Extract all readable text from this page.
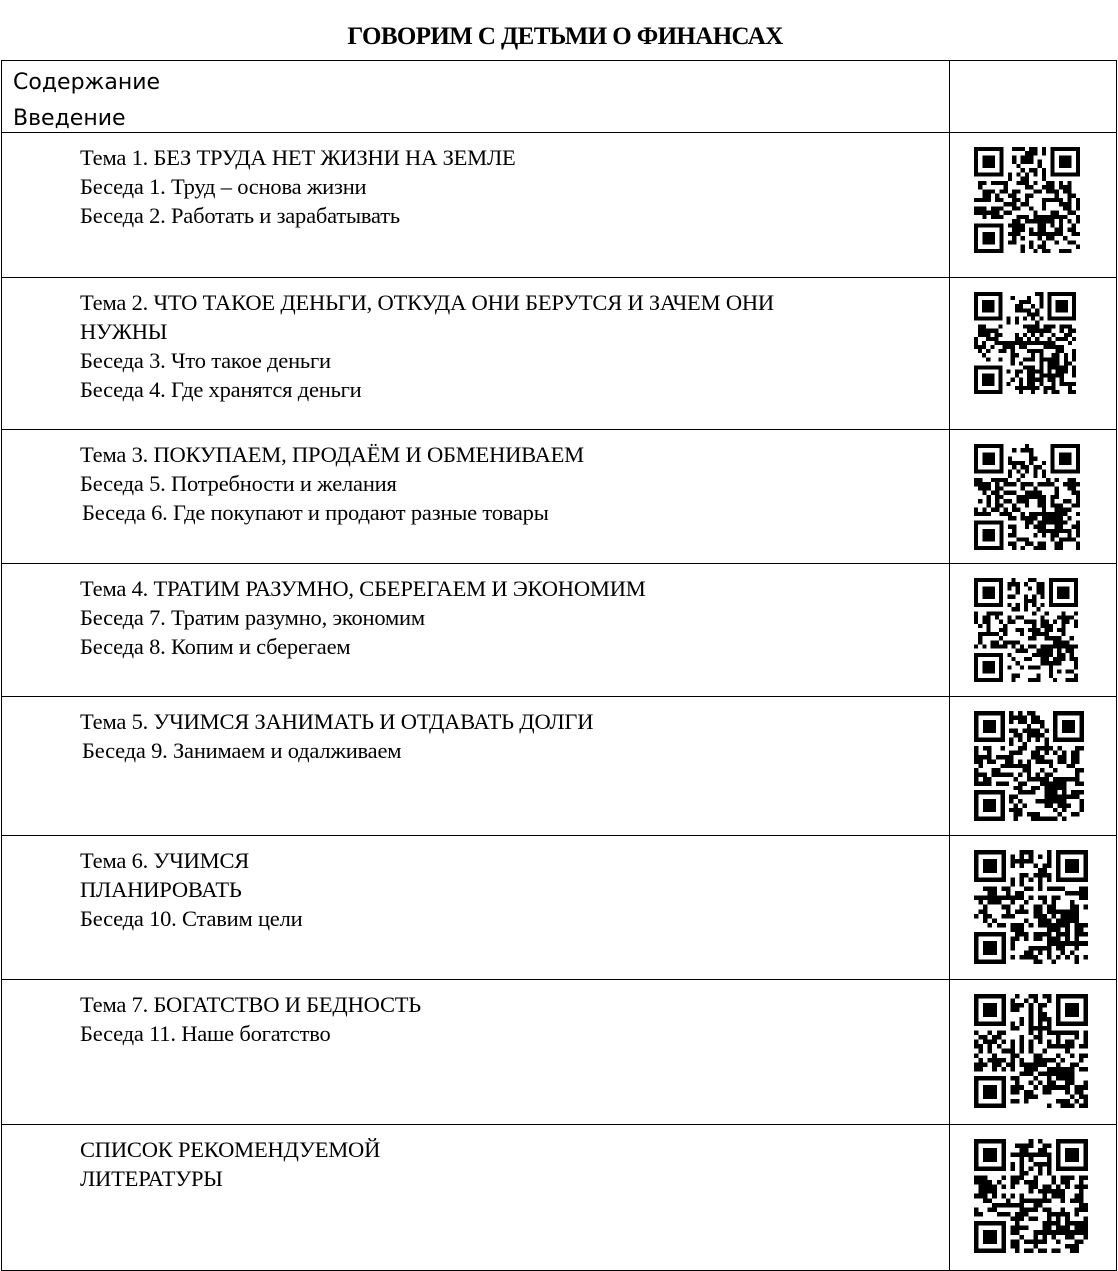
ГОВОРИМ С ДЕТЬМИ О ФИНАНСАХ
Содержание
Введение
Тема 1. БЕЗ ТРУДА НЕТ ЖИЗНИ НА ЗЕМЛЕ
Беседа 1. Труд – основа жизни
Беседа 2. Работать и зарабатывать
Тема 2. ЧТО ТАКОЕ ДЕНЬГИ, ОТКУДА ОНИ БЕРУТСЯ И ЗАЧЕМ ОНИ
НУЖНЫ
Беседа 3. Что такое деньги
Беседа 4. Где хранятся деньги
Тема 3. ПОКУПАЕМ, ПРОДАЁМ И ОБМЕНИВАЕМ
Беседа 5. Потребности и желания
Беседа 6. Где покупают и продают разные товары
Тема 4. ТРАТИМ РАЗУМНО, СБЕРЕГАЕМ И ЭКОНОМИМ
Беседа 7. Тратим разумно, экономим
Беседа 8. Копим и сберегаем
Тема 5. УЧИМСЯ ЗАНИМАТЬ И ОТДАВАТЬ ДОЛГИ
Беседа 9. Занимаем и одалживаем
Тема 6. УЧИМСЯ
ПЛАНИРОВАТЬ
Беседа 10. Ставим цели
Тема 7. БОГАТСТВО И БЕДНОСТЬ
Беседа 11. Наше богатство
СПИСОК РЕКОМЕНДУЕМОЙ
ЛИТЕРАТУРЫ
